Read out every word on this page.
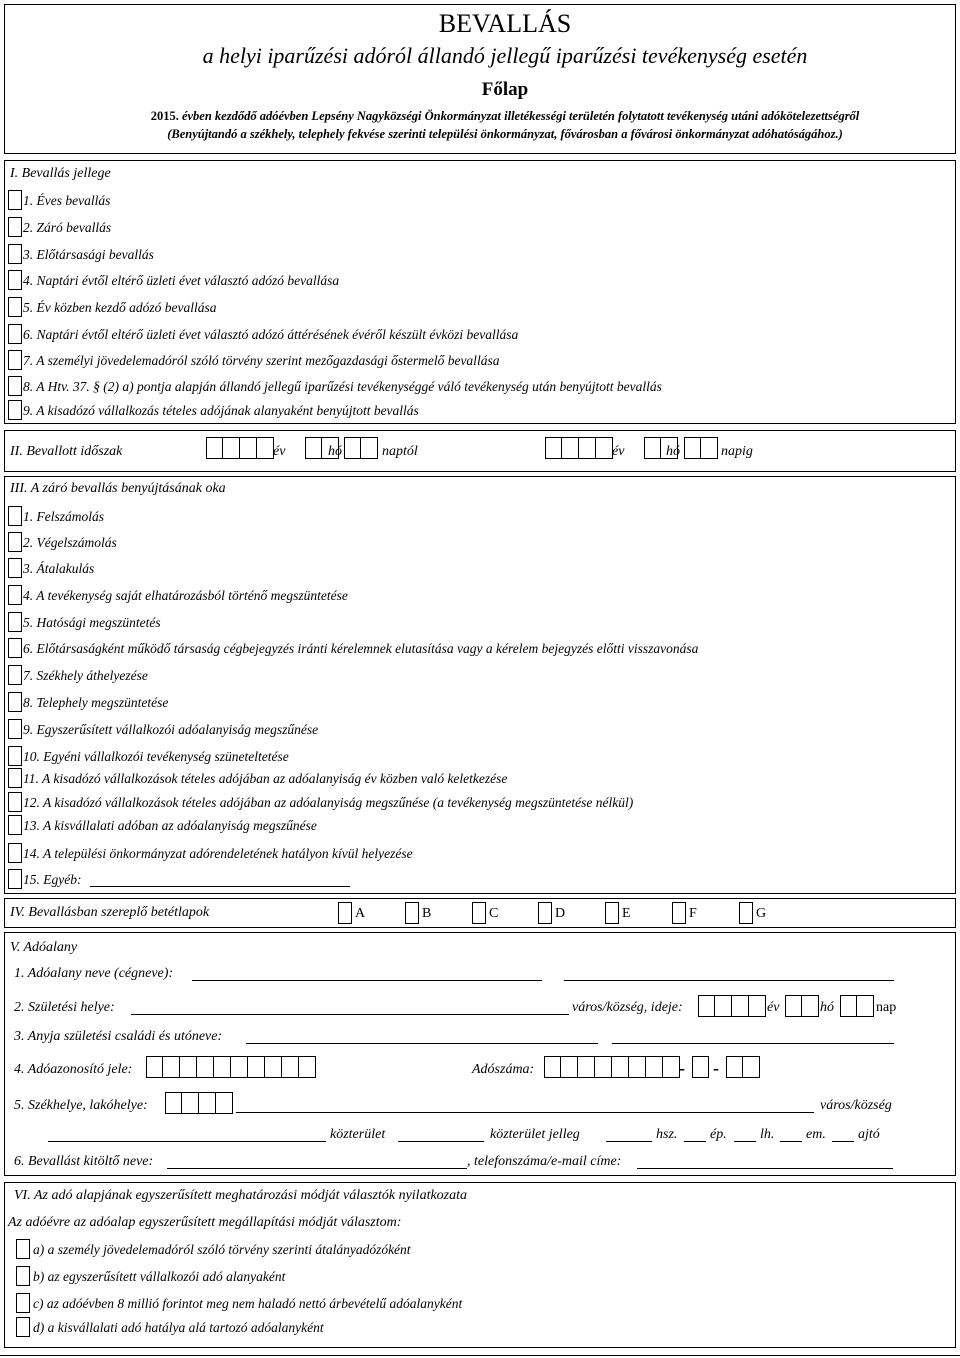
BEVALLÁS
a helyi iparűzési adóról állandó jellegű iparűzési tevékenység esetén
Főlap
2015. évben kezdődő adóévben Lepsény Nagyközségi Önkormányzat illetékességi területén folytatott tevékenység utáni adókötelezettségről
(Benyújtandó a székhely, telephely fekvése szerinti települési önkormányzat, fővárosban a fővárosi önkormányzat adóhatóságához.)
I. Bevallás jellege
1. Éves bevallás
2. Záró bevallás
3. Előtársasági bevallás
4. Naptári évtől eltérő üzleti évet választó adózó bevallása
5. Év közben kezdő adózó bevallása
6. Naptári évtől eltérő üzleti évet választó adózó áttérésének évéről készült évközi bevallása
7. A személyi jövedelemadóról szóló törvény szerint mezőgazdasági őstermelő bevallása
8. A Htv. 37. § (2) a) pontja alapján állandó jellegű iparűzési tevékenységgé váló tevékenység után benyújtott bevallás
9. A kisadózó vállalkozás tételes adójának alanyaként benyújtott bevallás
II. Bevallott időszak	év	hó	naptól	év	hó	napig
III. A záró bevallás benyújtásának oka
1. Felszámolás
2. Végelszámolás
3. Átalakulás
4. A tevékenység saját elhatározásból történő megszüntetése
5. Hatósági megszüntetés
6. Előtársaságként működő társaság cégbejegyzés iránti kérelemnek elutasítása vagy a kérelem bejegyzés előtti visszavonása
7. Székhely áthelyezése
8. Telephely megszüntetése
9. Egyszerűsített vállalkozói adóalanyiság megszűnése
10. Egyéni vállalkozói tevékenység szüneteltetése
11. A kisadózó vállalkozások tételes adójában az adóalanyiság év közben való keletkezése
12. A kisadózó vállalkozások tételes adójában az adóalanyiság megszűnése (a tevékenység megszüntetése nélkül)
13. A kisvállalati adóban az adóalanyiság megszűnése
14. A települési önkormányzat adórendeletének hatályon kívül helyezése
15. Egyéb:
IV. Bevallásban szereplő betétlapok	A	B	C	D	E	F	G
V. Adóalany
1. Adóalany neve (cégneve):
2. Születési helye:	város/község, ideje:	év	hó	nap
3. Anyja születési családi és utóneve:
4. Adóazonosító jele:	Adószáma:	- -
5. Székhelye, lakóhelye:	város/község
közterület	közterület jelleg	hsz. ép. lh. em. ajtó
6. Bevallást kitöltő neve:	, telefonszáma/e-mail címe:
VI. Az adó alapjának egyszerűsített meghatározási módját választók nyilatkozata
Az adóévre az adóalap egyszerűsített megállapítási módját választom:
a) a személy jövedelemadóról szóló törvény szerinti átalányadózóként
b) az egyszerűsített vállalkozói adó alanyaként
c) az adóévben 8 millió forintot meg nem haladó nettó árbevételű adóalanyként
d) a kisvállalati adó hatálya alá tartozó adóalanyként
